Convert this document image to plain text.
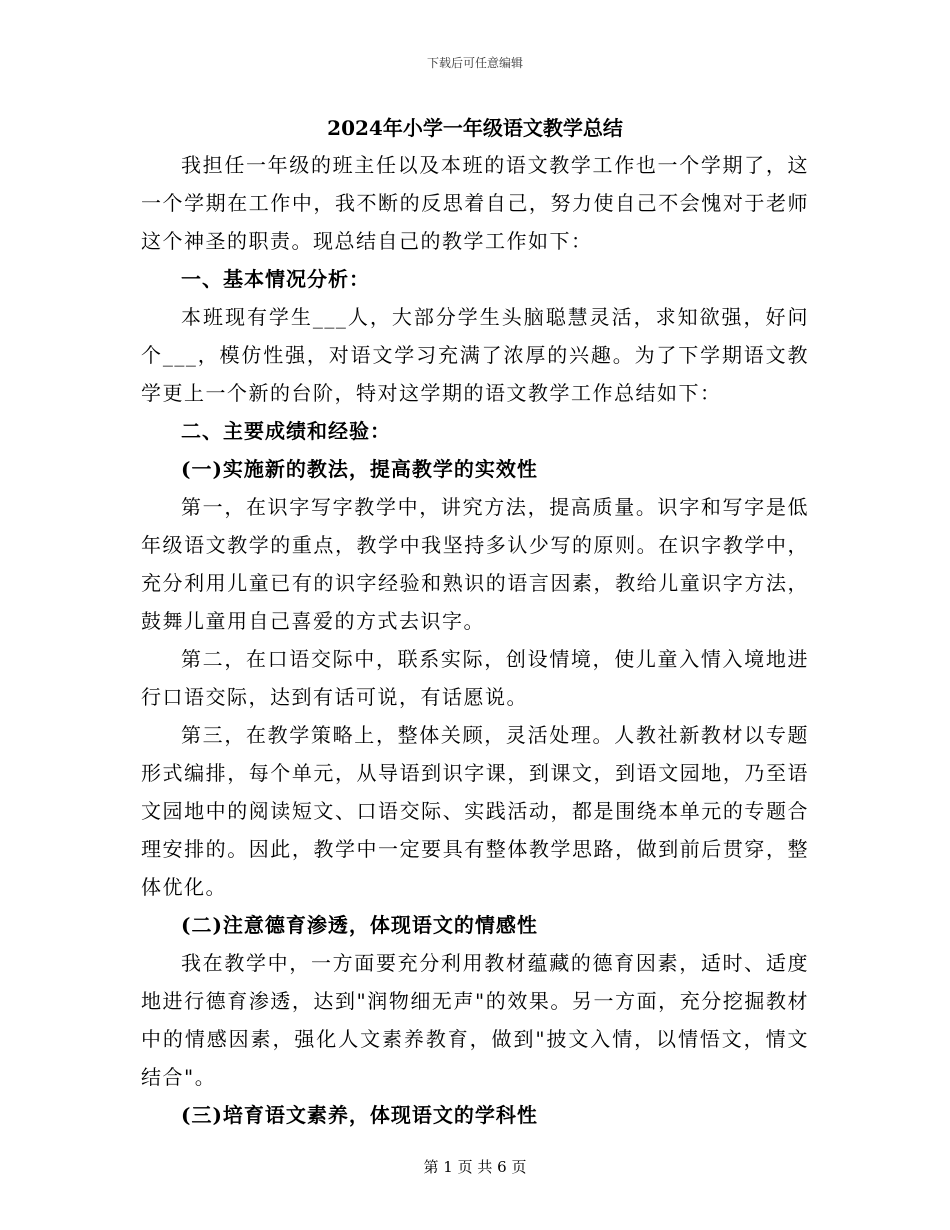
下载后可任意编辑
2024年小学一年级语文教学总结

我担任一年级的班主任以及本班的语文教学工作也一个学期了，这一个学期在工作中，我不断的反思着自己，努力使自己不会愧对于老师这个神圣的职责。现总结自己的教学工作如下：

一、基本情况分析：

本班现有学生___人，大部分学生头脑聪慧灵活，求知欲强，好问个___，模仿性强，对语文学习充满了浓厚的兴趣。为了下学期语文教学更上一个新的台阶，特对这学期的语文教学工作总结如下：

二、主要成绩和经验：

(一)实施新的教法，提高教学的实效性

第一，在识字写字教学中，讲究方法，提高质量。识字和写字是低年级语文教学的重点，教学中我坚持多认少写的原则。在识字教学中，充分利用儿童已有的识字经验和熟识的语言因素，教给儿童识字方法，鼓舞儿童用自己喜爱的方式去识字。

第二，在口语交际中，联系实际，创设情境，使儿童入情入境地进行口语交际，达到有话可说，有话愿说。

第三，在教学策略上，整体关顾，灵活处理。人教社新教材以专题形式编排，每个单元，从导语到识字课，到课文，到语文园地，乃至语文园地中的阅读短文、口语交际、实践活动，都是围绕本单元的专题合理安排的。因此，教学中一定要具有整体教学思路，做到前后贯穿，整体优化。

(二)注意德育渗透，体现语文的情感性

我在教学中，一方面要充分利用教材蕴藏的德育因素，适时、适度地进行德育渗透，达到"润物细无声"的效果。另一方面，充分挖掘教材中的情感因素，强化人文素养教育，做到"披文入情，以情悟文，情文结合"。

(三)培育语文素养，体现语文的学科性

第 1 页 共 6 页
